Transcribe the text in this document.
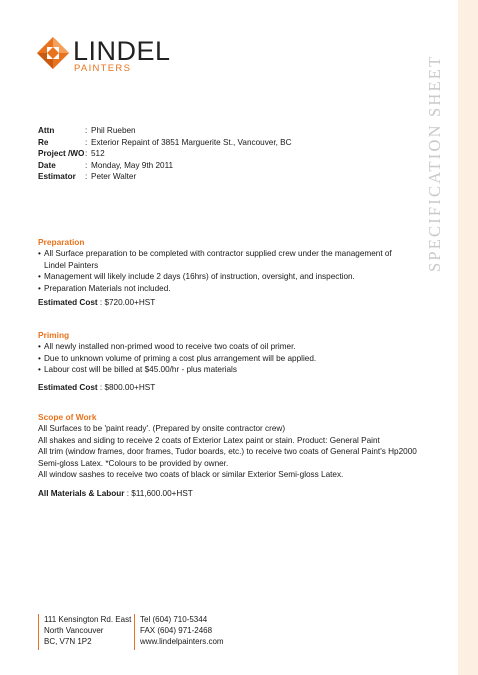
LINDEL
PAINTERS	SPECIFICATION SHEET
Attn	: Phil Rueben
Re	: Exterior Repaint of 3851 Marguerite St., Vancouver, BC
Project /WO : 512
Date	: Monday, May 9th 2011
Estimator	: Peter Walter
Preparation
• All Surface preparation to be completed with contractor supplied crew under the management of
Lindel Painters
• Management will likely include 2 days (16hrs) of instruction, oversight, and inspection.
• Preparation Materials not included.
Estimated Cost : $720.00+HST
Priming
• All newly installed non-primed wood to receive two coats of oil primer.
• Due to unknown volume of priming a cost plus arrangement will be applied.
• Labour cost will be billed at $45.00/hr - plus materials
Estimated Cost : $800.00+HST
Scope of Work
All Surfaces to be 'paint ready'. (Prepared by onsite contractor crew)
All shakes and siding to receive 2 coats of Exterior Latex paint or stain. Product: General Paint
All trim (window frames, door frames, Tudor boards, etc.) to receive two coats of General Paint's Hp2000
Semi-gloss Latex. *Colours to be provided by owner.
All window sashes to receive two coats of black or similar Exterior Semi-gloss Latex.
All Materials & Labour : $11,600.00+HST
111 Kensington Rd. East
North Vancouver
BC, V7N 1P2
Tel (604) 710-5344
FAX (604) 971-2468
www.lindelpainters.com
